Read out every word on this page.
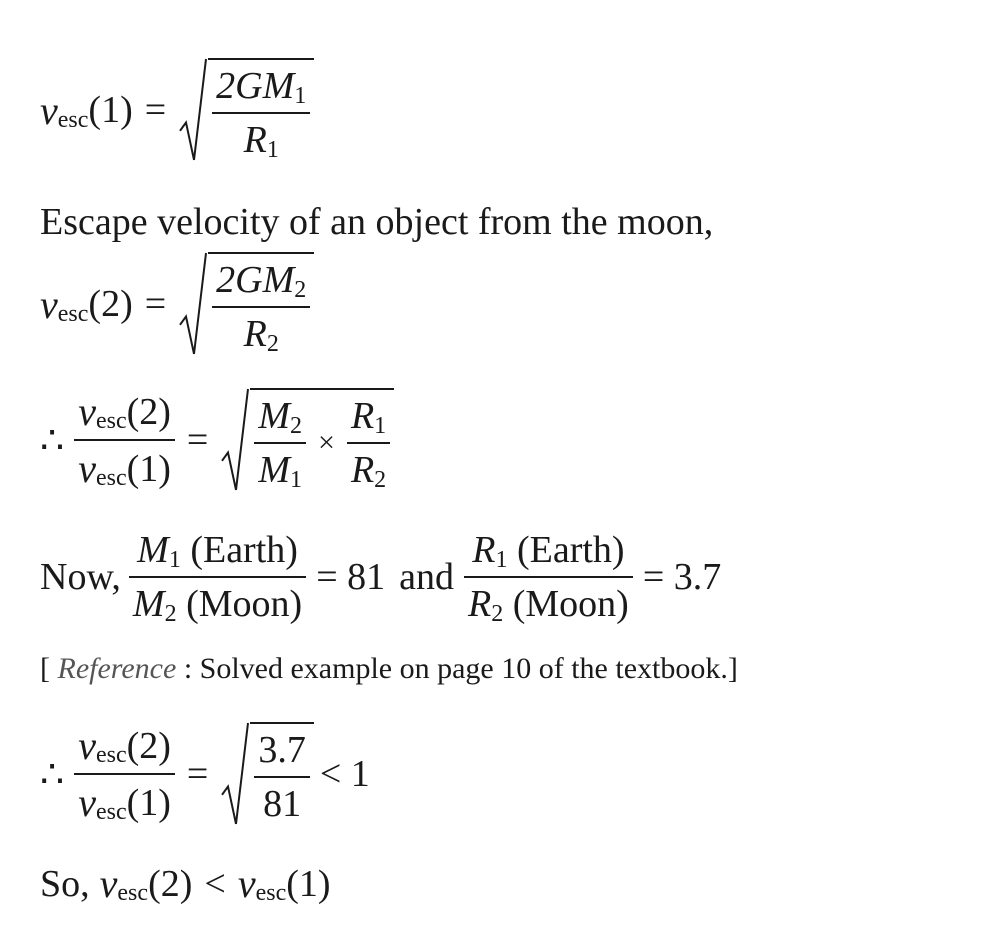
v esc $(1) = \frac{2GM 1}{R 1}$
Escape velocity of an object from the moon,
v esc $(2) = \frac{2GM 2}{R 2}$
∴ $\frac{\text{v esc (2)}}{\text{v esc (1)}} = \frac{M 2}{M 1} \times \frac{R 1}{R 2}$
Now, $\frac{\text{M 1 (Earth)}}{\text{M 2 (Moon)}} = 81$ and $\frac{\text{R 1 (Earth)}}{\text{R 2 (Moon)}} = 3.7$
[ Reference : Solved example on page 10 of the textbook.]
∴ $\frac{\text{v esc (2)}}{\text{v esc (1)}} = \frac{3.7}{81} < 1$
So, v esc (2) < v esc (1)
